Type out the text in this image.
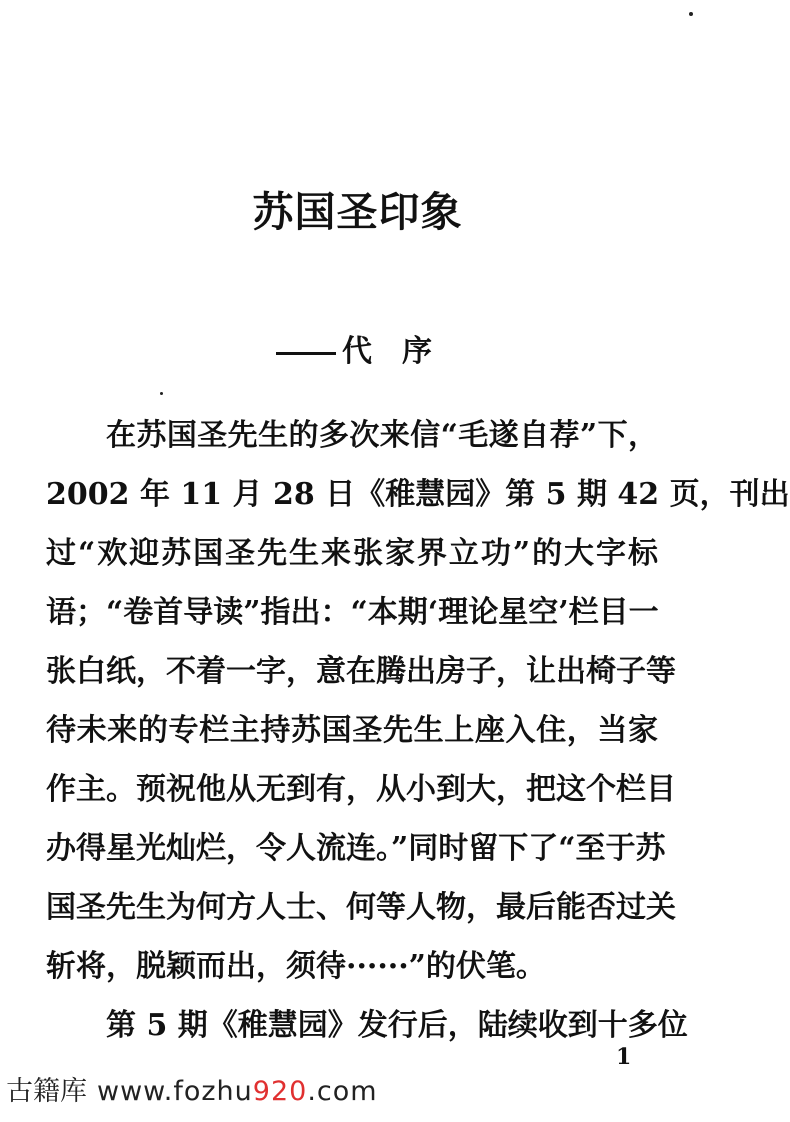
苏国圣印象
代　序
在苏国圣先生的多次来信“毛遂自荐”下，
2002 年 11 月 28 日《稚慧园》第 5 期 42 页，刊出
过“欢迎苏国圣先生来张家界立功”的大字标
语；“卷首导读”指出：“本期‘理论星空’栏目一
张白纸，不着一字，意在腾出房子，让出椅子等
待未来的专栏主持苏国圣先生上座入住，当家
作主。预祝他从无到有，从小到大，把这个栏目
办得星光灿烂，令人流连。”同时留下了“至于苏
国圣先生为何方人士、何等人物，最后能否过关
斩将，脱颖而出，须待······”的伏笔。
第 5 期《稚慧园》发行后，陆续收到十多位
1
古籍库 www.fozhu920.com
